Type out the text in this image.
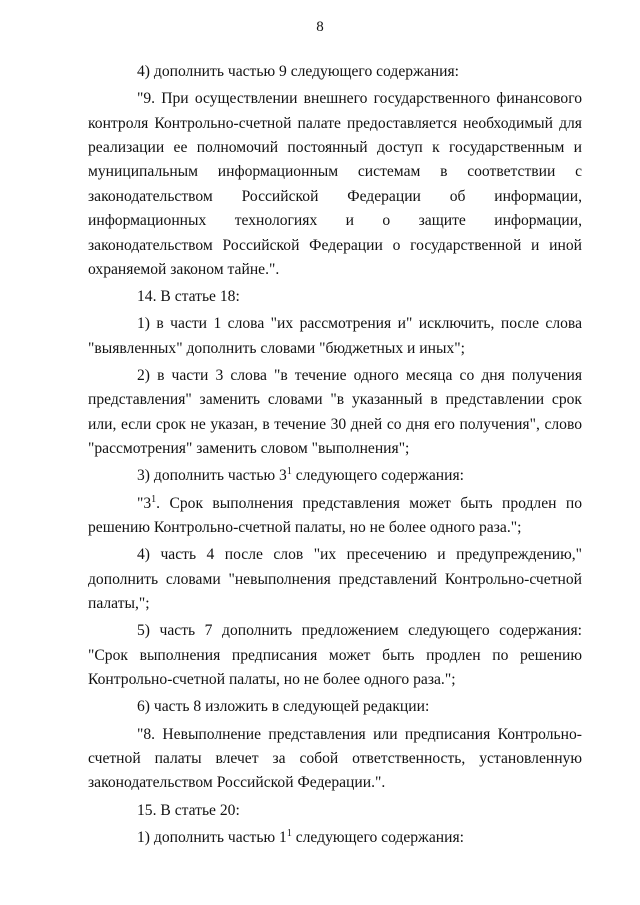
8

4) дополнить частью 9 следующего содержания:

"9. При осуществлении внешнего государственного финансового контроля Контрольно-счетной палате предоставляется необходимый для реализации ее полномочий постоянный доступ к государственным и муниципальным информационным системам в соответствии с законодательством Российской Федерации об информации, информационных технологиях и о защите информации, законодательством Российской Федерации о государственной и иной охраняемой законом тайне.".

14. В статье 18:

1) в части 1 слова "их рассмотрения и" исключить, после слова "выявленных" дополнить словами "бюджетных и иных";

2) в части 3 слова "в течение одного месяца со дня получения представления" заменить словами "в указанный в представлении срок или, если срок не указан, в течение 30 дней со дня его получения", слово "рассмотрения" заменить словом "выполнения";

3) дополнить частью $3^1$ следующего содержания:

"$3^1$. Срок выполнения представления может быть продлен по решению Контрольно-счетной палаты, но не более одного раза.";

4) часть 4 после слов "их пресечению и предупреждению," дополнить словами "невыполнения представлений Контрольно-счетной палаты,";

5) часть 7 дополнить предложением следующего содержания: "Срок выполнения предписания может быть продлен по решению Контрольно-счетной палаты, но не более одного раза.";

6) часть 8 изложить в следующей редакции:

"8. Невыполнение представления или предписания Контрольно-счетной палаты влечет за собой ответственность, установленную законодательством Российской Федерации.".

15. В статье 20:

1) дополнить частью $1^1$ следующего содержания:
